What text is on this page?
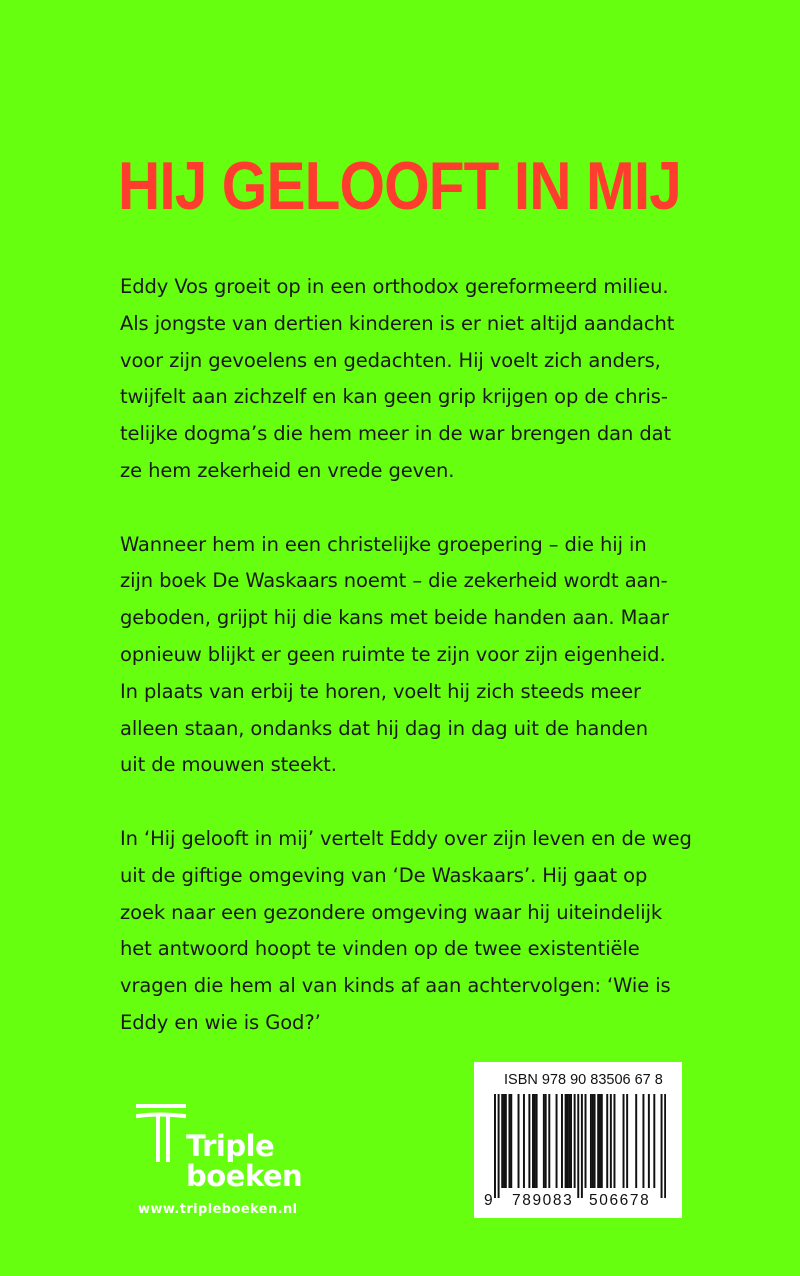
HIJ GELOOFT IN MIJ

Eddy Vos groeit op in een orthodox gereformeerd milieu.
Als jongste van dertien kinderen is er niet altijd aandacht
voor zijn gevoelens en gedachten. Hij voelt zich anders,
twijfelt aan zichzelf en kan geen grip krijgen op de chris-
telijke dogma’s die hem meer in de war brengen dan dat
ze hem zekerheid en vrede geven.

Wanneer hem in een christelijke groepering – die hij in
zijn boek De Waskaars noemt – die zekerheid wordt aan-
geboden, grijpt hij die kans met beide handen aan. Maar
opnieuw blijkt er geen ruimte te zijn voor zijn eigenheid.
In plaats van erbij te horen, voelt hij zich steeds meer
alleen staan, ondanks dat hij dag in dag uit de handen
uit de mouwen steekt.

In ‘Hij gelooft in mij’ vertelt Eddy over zijn leven en de weg
uit de giftige omgeving van ‘De Waskaars’. Hij gaat op
zoek naar een gezondere omgeving waar hij uiteindelijk
het antwoord hoopt te vinden op de twee existentiële
vragen die hem al van kinds af aan achtervolgen: ‘Wie is
Eddy en wie is God?’

Triple
boeken
www.tripleboeken.nl
ISBN 978 90 83506 67 8
9 789083 506678
